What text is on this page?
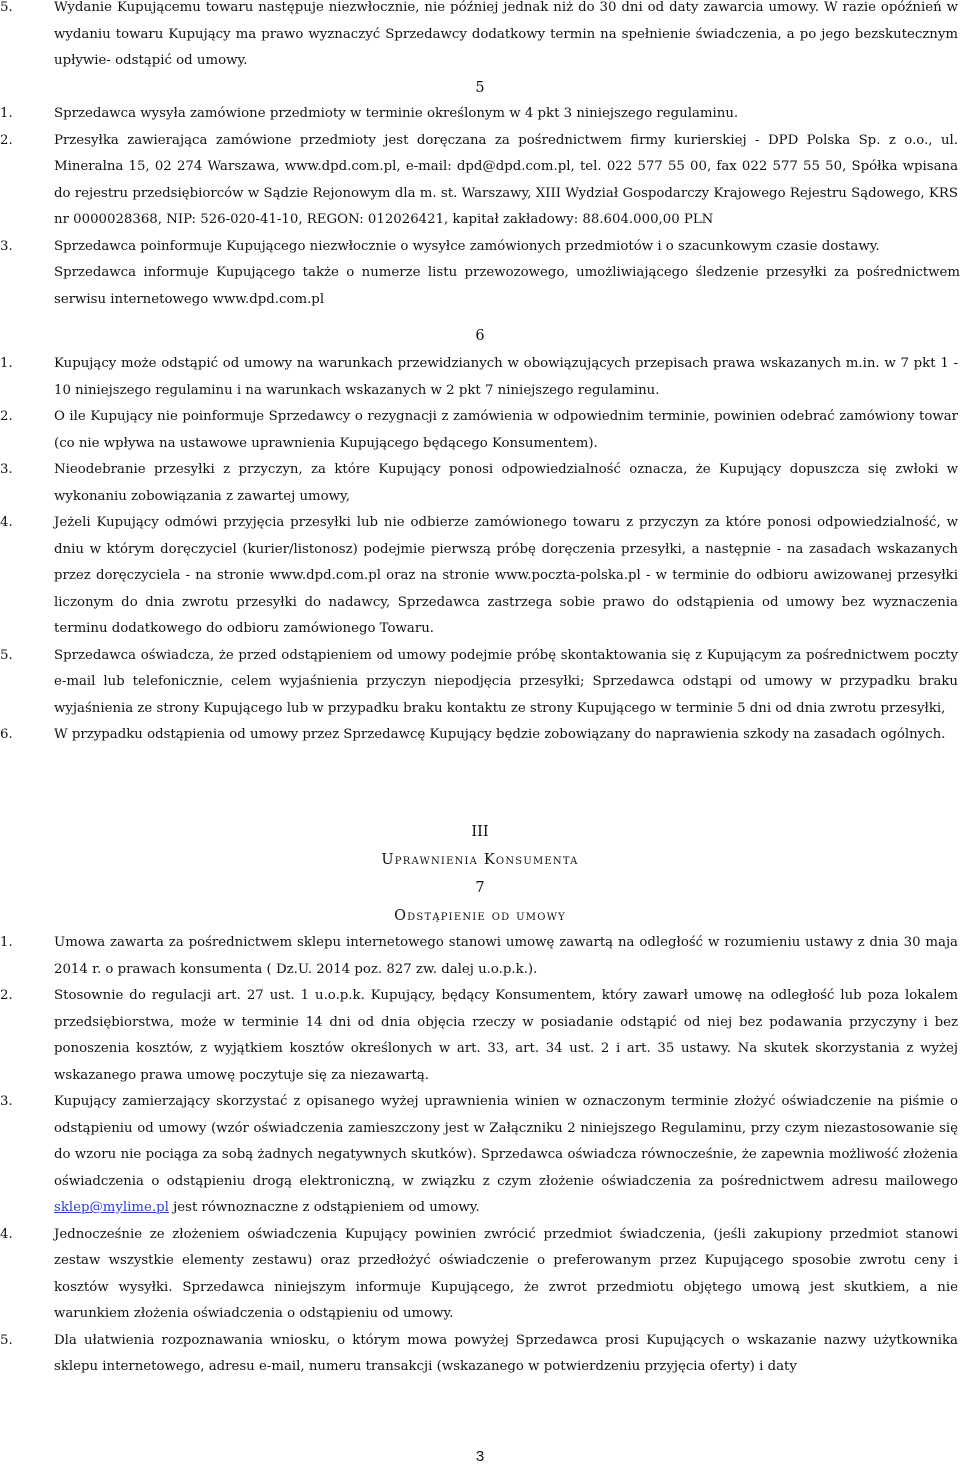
5.	Wydanie Kupującemu towaru następuje niezwłocznie, nie później jednak niż do 30 dni od daty zawarcia umowy. W razie opóźnień w wydaniu towaru Kupujący ma prawo wyznaczyć Sprzedawcy dodatkowy termin na spełnienie świadczenia, a po jego bezskutecznym upływie- odstąpić od umowy.
5
1.	Sprzedawca wysyła zamówione przedmioty w terminie określonym w 4 pkt 3 niniejszego regulaminu.
2.	Przesyłka zawierająca zamówione przedmioty jest doręczana za pośrednictwem firmy kurierskiej - DPD Polska Sp. z o.o., ul. Mineralna 15, 02 274 Warszawa, www.dpd.com.pl, e-mail: dpd@dpd.com.pl, tel. 022 577 55 00, fax 022 577 55 50, Spółka wpisana do rejestru przedsiębiorców w Sądzie Rejonowym dla m. st. Warszawy, XIII Wydział Gospodarczy Krajowego Rejestru Sądowego, KRS nr 0000028368, NIP: 526-020-41-10, REGON: 012026421, kapitał zakładowy: 88.604.000,00 PLN
3.	Sprzedawca poinformuje Kupującego niezwłocznie o wysyłce zamówionych przedmiotów i o szacunkowym czasie dostawy.
Sprzedawca informuje Kupującego także o numerze listu przewozowego, umożliwiającego śledzenie przesyłki za pośrednictwem serwisu internetowego www.dpd.com.pl
6
1.	Kupujący może odstąpić od umowy na warunkach przewidzianych w obowiązujących przepisach prawa wskazanych m.in. w 7 pkt 1 - 10 niniejszego regulaminu i na warunkach wskazanych w 2 pkt 7 niniejszego regulaminu.
2.	O ile Kupujący nie poinformuje Sprzedawcy o rezygnacji z zamówienia w odpowiednim terminie, powinien odebrać zamówiony towar (co nie wpływa na ustawowe uprawnienia Kupującego będącego Konsumentem).
3.	Nieodebranie przesyłki z przyczyn, za które Kupujący ponosi odpowiedzialność oznacza, że Kupujący dopuszcza się zwłoki w wykonaniu zobowiązania z zawartej umowy,
4.	Jeżeli Kupujący odmówi przyjęcia przesyłki lub nie odbierze zamówionego towaru z przyczyn za które ponosi odpowiedzialność, w dniu w którym doręczyciel (kurier/listonosz) podejmie pierwszą próbę doręczenia przesyłki, a następnie - na zasadach wskazanych przez doręczyciela - na stronie www.dpd.com.pl oraz na stronie www.poczta-polska.pl - w terminie do odbioru awizowanej przesyłki liczonym do dnia zwrotu przesyłki do nadawcy, Sprzedawca zastrzega sobie prawo do odstąpienia od umowy bez wyznaczenia terminu dodatkowego do odbioru zamówionego Towaru.
5.	Sprzedawca oświadcza, że przed odstąpieniem od umowy podejmie próbę skontaktowania się z Kupującym za pośrednictwem poczty e-mail lub telefonicznie, celem wyjaśnienia przyczyn niepodjęcia przesyłki; Sprzedawca odstąpi od umowy w przypadku braku wyjaśnienia ze strony Kupującego lub w przypadku braku kontaktu ze strony Kupującego w terminie 5 dni od dnia zwrotu przesyłki,
6.	W przypadku odstąpienia od umowy przez Sprzedawcę Kupujący będzie zobowiązany do naprawienia szkody na zasadach ogólnych.
III
Uprawnienia Konsumenta
7
Odstąpienie od umowy
1.	Umowa zawarta za pośrednictwem sklepu internetowego stanowi umowę zawartą na odległość w rozumieniu ustawy z dnia 30 maja 2014 r. o prawach konsumenta ( Dz.U. 2014 poz. 827 zw. dalej u.o.p.k.).
2.	Stosownie do regulacji art. 27 ust. 1 u.o.p.k. Kupujący, będący Konsumentem, który zawarł umowę na odległość lub poza lokalem przedsiębiorstwa, może w terminie 14 dni od dnia objęcia rzeczy w posiadanie odstąpić od niej bez podawania przyczyny i bez ponoszenia kosztów, z wyjątkiem kosztów określonych w art. 33, art. 34 ust. 2 i art. 35 ustawy. Na skutek skorzystania z wyżej wskazanego prawa umowę poczytuje się za niezawartą.
3.	Kupujący zamierzający skorzystać z opisanego wyżej uprawnienia winien w oznaczonym terminie złożyć oświadczenie na piśmie o odstąpieniu od umowy (wzór oświadczenia zamieszczony jest w Załączniku 2 niniejszego Regulaminu, przy czym niezastosowanie się do wzoru nie pociąga za sobą żadnych negatywnych skutków). Sprzedawca oświadcza równocześnie, że zapewnia możliwość złożenia oświadczenia o odstąpieniu drogą elektroniczną, w związku z czym złożenie oświadczenia za pośrednictwem adresu mailowego sklep@mylime.pl jest równoznaczne z odstąpieniem od umowy.
4.	Jednocześnie ze złożeniem oświadczenia Kupujący powinien zwrócić przedmiot świadczenia, (jeśli zakupiony przedmiot stanowi zestaw wszystkie elementy zestawu) oraz przedłożyć oświadczenie o preferowanym przez Kupującego sposobie zwrotu ceny i kosztów wysyłki. Sprzedawca niniejszym informuje Kupującego, że zwrot przedmiotu objętego umową jest skutkiem, a nie warunkiem złożenia oświadczenia o odstąpieniu od umowy.
5.	Dla ułatwienia rozpoznawania wniosku, o którym mowa powyżej Sprzedawca prosi Kupujących o wskazanie nazwy użytkownika sklepu internetowego, adresu e-mail, numeru transakcji (wskazanego w potwierdzeniu przyjęcia oferty) i daty
3
